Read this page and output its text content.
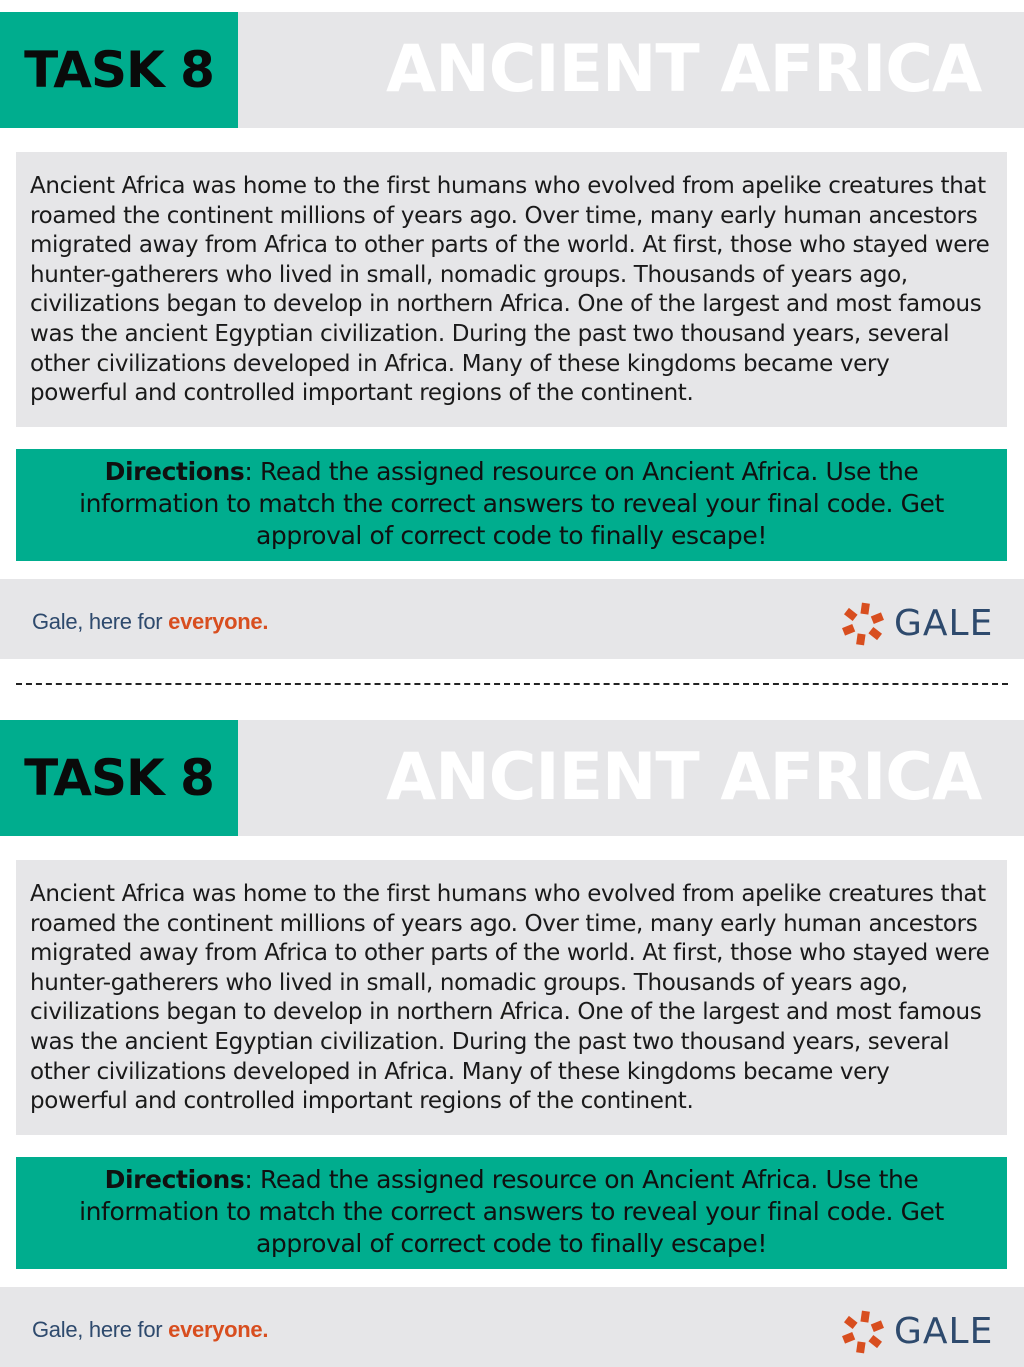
TASK 8	ANCIENT AFRICA

Ancient Africa was home to the first humans who evolved from apelike creatures that roamed the continent millions of years ago. Over time, many early human ancestors migrated away from Africa to other parts of the world. At first, those who stayed were hunter-gatherers who lived in small, nomadic groups. Thousands of years ago, civilizations began to develop in northern Africa. One of the largest and most famous was the ancient Egyptian civilization. During the past two thousand years, several other civilizations developed in Africa. Many of these kingdoms became very powerful and controlled important regions of the continent.

Directions: Read the assigned resource on Ancient Africa. Use the information to match the correct answers to reveal your final code. Get approval of correct code to finally escape!

Gale, here for everyone.	GALE
TASK 8	ANCIENT AFRICA

Ancient Africa was home to the first humans who evolved from apelike creatures that roamed the continent millions of years ago. Over time, many early human ancestors migrated away from Africa to other parts of the world. At first, those who stayed were hunter-gatherers who lived in small, nomadic groups. Thousands of years ago, civilizations began to develop in northern Africa. One of the largest and most famous was the ancient Egyptian civilization. During the past two thousand years, several other civilizations developed in Africa. Many of these kingdoms became very powerful and controlled important regions of the continent.

Directions: Read the assigned resource on Ancient Africa. Use the information to match the correct answers to reveal your final code. Get approval of correct code to finally escape!

Gale, here for everyone.	GALE
